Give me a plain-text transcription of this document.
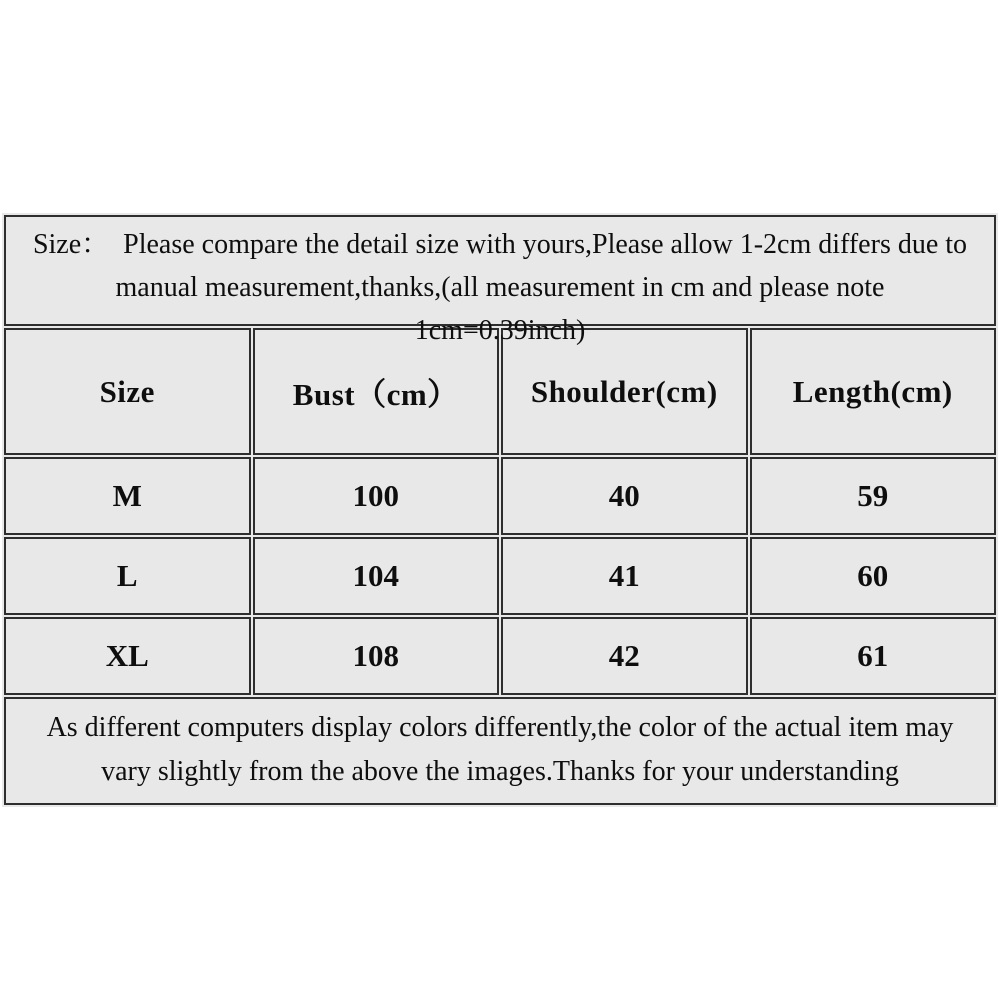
Size：  Please compare the detail size with yours,Please allow 1-2cm differs due to
manual measurement,thanks,(all measurement in cm and please note
1cm=0.39inch)			

Size	Bust（cm）	Shoulder(cm)	Length(cm)
M	100	40	59
L	104	41	60
XL	108	42	61

As different computers display colors differently,the color of the actual item may
vary slightly from the above the images.Thanks for your understanding			
